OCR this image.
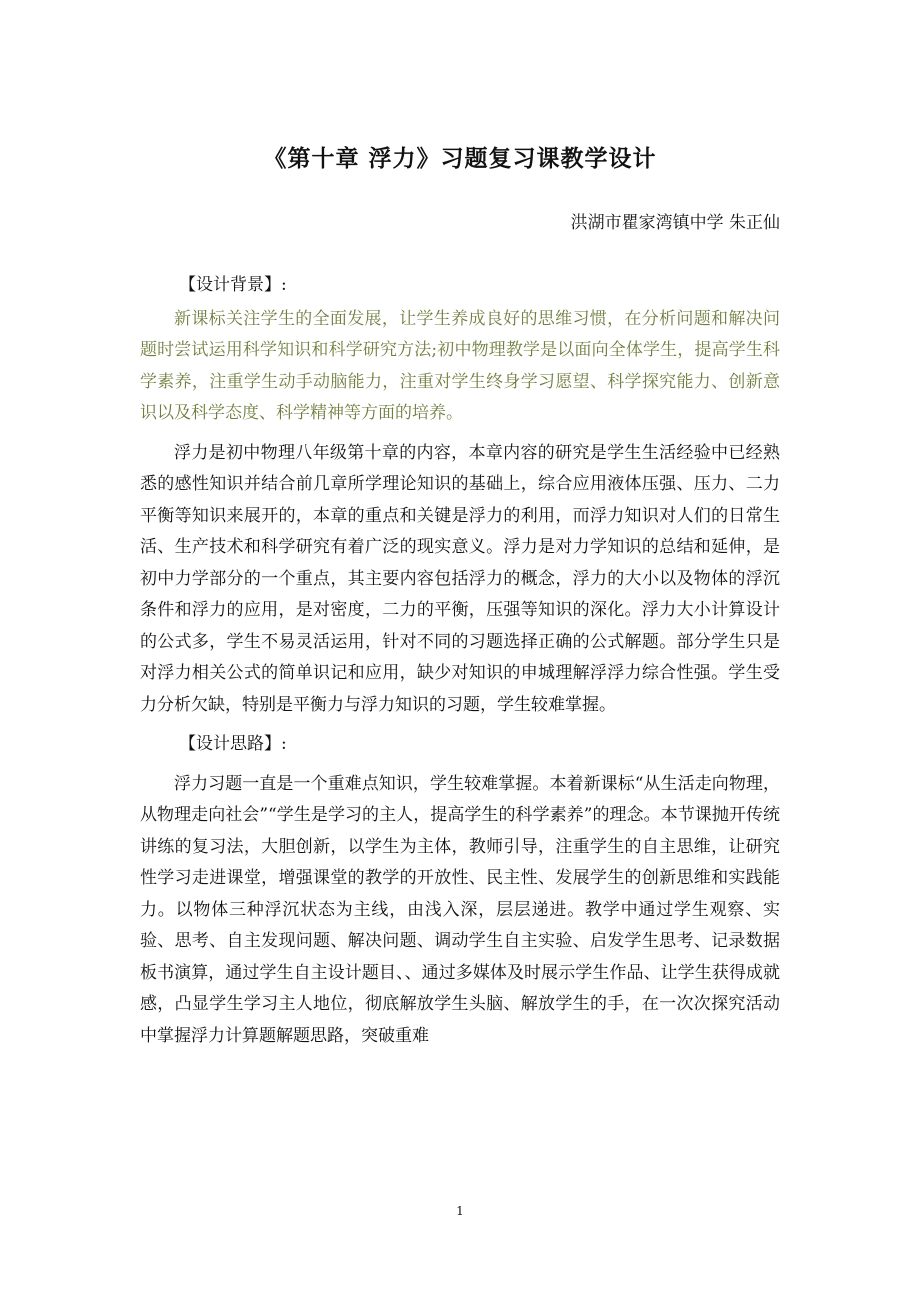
《第十章 浮力》习题复习课教学设计
洪湖市瞿家湾镇中学 朱正仙

【设计背景】:

新课标关注学生的全面发展，让学生养成良好的思维习惯，在分析问题和解决问题时尝试运用科学知识和科学研究方法;初中物理教学是以面向全体学生，提高学生科学素养，注重学生动手动脑能力，注重对学生终身学习愿望、科学探究能力、创新意识以及科学态度、科学精神等方面的培养。

浮力是初中物理八年级第十章的内容，本章内容的研究是学生生活经验中已经熟悉的感性知识并结合前几章所学理论知识的基础上，综合应用液体压强、压力、二力平衡等知识来展开的，本章的重点和关键是浮力的利用，而浮力知识对人们的日常生活、生产技术和科学研究有着广泛的现实意义。浮力是对力学知识的总结和延伸，是初中力学部分的一个重点，其主要内容包括浮力的概念，浮力的大小以及物体的浮沉条件和浮力的应用，是对密度，二力的平衡，压强等知识的深化。浮力大小计算设计的公式多，学生不易灵活运用，针对不同的习题选择正确的公式解题。部分学生只是对浮力相关公式的简单识记和应用，缺少对知识的申城理解浮浮力综合性强。学生受力分析欠缺，特别是平衡力与浮力知识的习题，学生较难掌握。

【设计思路】:

浮力习题一直是一个重难点知识，学生较难掌握。本着新课标“从生活走向物理，从物理走向社会”“学生是学习的主人，提高学生的科学素养”的理念。本节课抛开传统讲练的复习法，大胆创新，以学生为主体，教师引导，注重学生的自主思维，让研究性学习走进课堂，增强课堂的教学的开放性、民主性、发展学生的创新思维和实践能力。以物体三种浮沉状态为主线，由浅入深，层层递进。教学中通过学生观察、实验、思考、自主发现问题、解决问题、调动学生自主实验、启发学生思考、记录数据板书演算，通过学生自主设计题目、、通过多媒体及时展示学生作品、让学生获得成就感，凸显学生学习主人地位，彻底解放学生头脑、解放学生的手，在一次次探究活动中掌握浮力计算题解题思路，突破重难

1
